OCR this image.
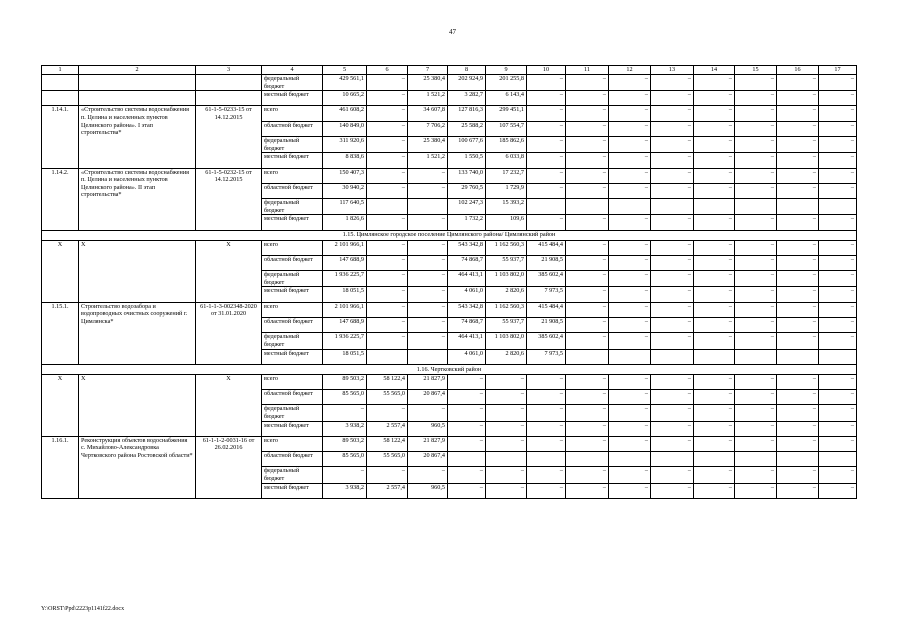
47
1	2	3	4	5	6	7	8	9	10	11	12	13	14	15	16	17
			федеральный бюджет	429 561,1	–	25 380,4	202 924,9	201 255,8	–	–	–	–	–	–	–	–
			местный бюджет	10 665,2	–	1 521,2	3 282,7	6 143,4	–	–	–	–	–	–	–	–
1.14.1.	«Строительство системы водоснабжения п. Целина и населенных пунктов Целинского района». I этап строительства*	61-1-5-0233-15 от 14.12.2015	всего	461 608,2	–	34 607,8	127 816,3	299 451,1	–	–	–	–	–	–	–	–
			областной бюджет	140 849,0	–	7 706,2	25 588,2	107 554,7	–	–	–	–	–	–	–	–
			федеральный бюджет	311 920,6	–	25 380,4	100 677,6	185 862,6	–	–	–	–	–	–	–	–
			местный бюджет	8 838,6	–	1 521,2	1 550,5	6 033,8	–	–	–	–	–	–	–	–
1.14.2.	«Строительство системы водоснабжения п. Целина и населенных пунктов Целинского района». II этап строительства*	61-1-5-0232-15 от 14.12.2015	всего	150 407,3	–	–	133 740,0	17 232,7	–	–	–	–	–	–	–	–
			областной бюджет	30 940,2	–	–	29 760,5	1 729,9	–	–	–	–	–	–	–	–
			федеральный бюджет	117 640,5			102 247,3	15 393,2								
			местный бюджет	1 826,6	–	–	1 732,2	109,6	–	–	–	–	–	–	–	–
1.15. Цимлянское городское поселение Цимлянского района/ Цимлянский район																
Х	Х	Х	всего	2 101 966,1	–	–	543 342,8	1 162 560,3	415 484,4	–	–	–	–	–	–	–
			областной бюджет	147 688,9	–	–	74 868,7	55 937,7	21 908,5	–	–	–	–	–	–	–
			федеральный бюджет	1 936 225,7	–	–	464 413,1	1 103 802,0	385 602,4	–	–	–	–	–	–	–
			местный бюджет	18 051,5	–	–	4 061,0	2 820,6	7 973,5	–	–	–	–	–	–	–
1.15.1.	Строительство водозабора и водопроводных очистных сооружений г. Цимлянска*	61-1-1-3-002348-2020 от 31.01.2020	всего	2 101 966,1	–	–	543 342,8	1 162 560,3	415 484,4	–	–	–	–	–	–	–
			областной бюджет	147 688,9	–	–	74 868,7	55 937,7	21 908,5	–	–	–	–	–	–	–
			федеральный бюджет	1 936 225,7	–	–	464 413,1	1 103 802,0	385 602,4	–	–	–	–	–	–	–
			местный бюджет	18 051,5			4 061,0	2 820,6	7 973,5							
1.16. Чертковский район																
Х	Х	Х	всего	89 503,2	58 122,4	21 827,9	–	–	–	–	–	–	–	–	–	–
			областной бюджет	85 565,0	55 565,0	20 867,4	–	–	–	–	–	–	–	–	–	–
			федеральный бюджет	–	–	–	–	–	–	–	–	–	–	–	–	–
			местный бюджет	3 938,2	2 557,4	960,5	–	–	–	–	–	–	–	–	–	–
1.16.1.	Реконструкция объектов водоснабжения с. Михайлово-Александровка Чертковского района Ростовской области*	61-1-1-2-0031-16 от 26.02.2016	всего	89 503,2	58 122,4	21 827,9	–	–	–	–	–	–	–	–	–	–
			областной бюджет	85 565,0	55 565,0	20 867,4										
			федеральный бюджет	–	–	–	–	–	–	–	–	–	–	–	–	–
			местный бюджет	3 938,2	2 557,4	960,5	–	–	–	–	–	–	–	–	–	–
Y:\ORST\Ppd\2223p1141f22.docx
